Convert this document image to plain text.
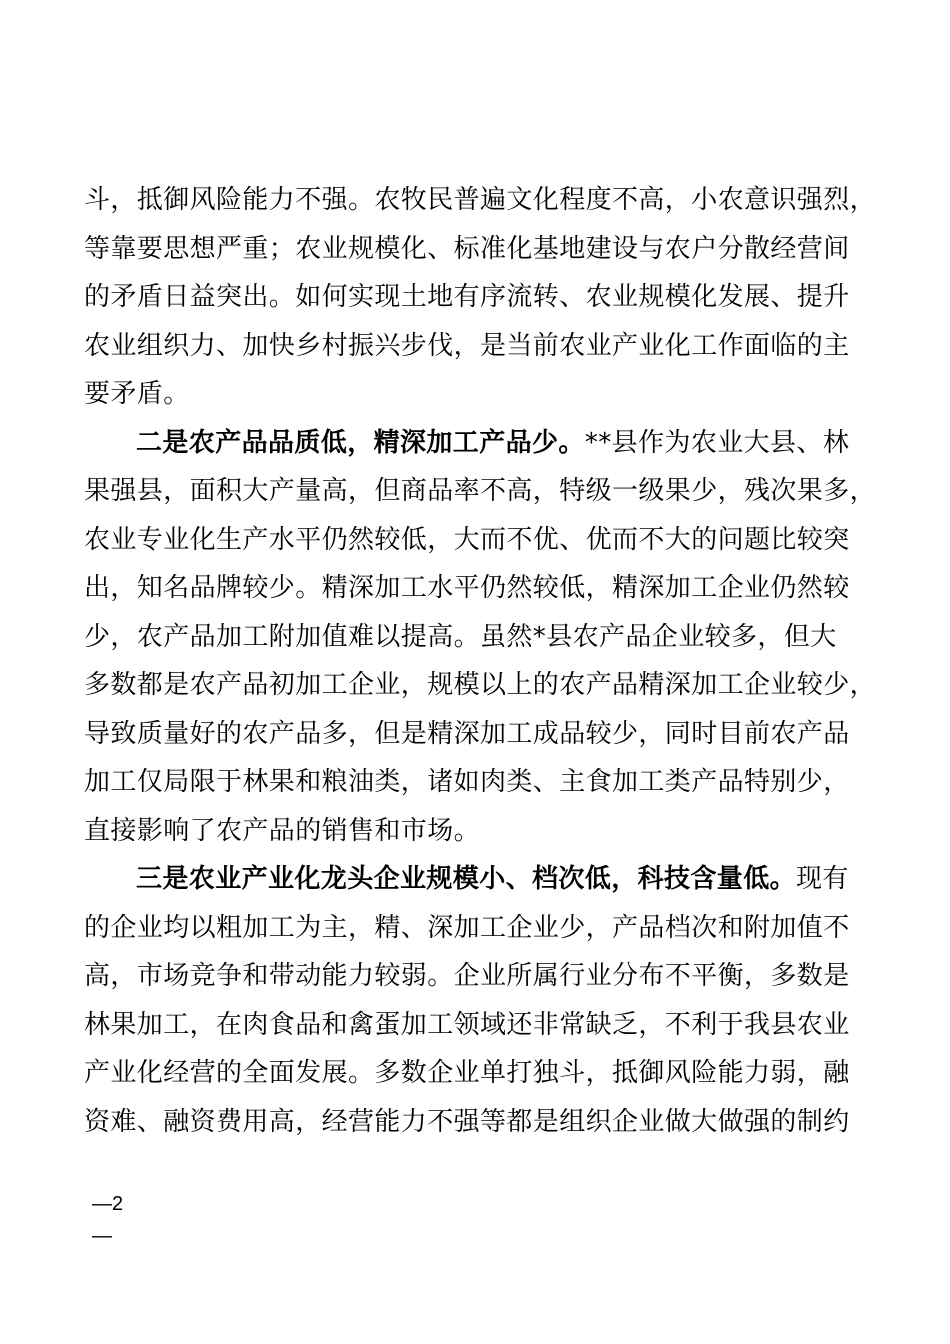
斗，抵御风险能力不强。农牧民普遍文化程度不高，小农意识强烈，
等靠要思想严重；农业规模化、标准化基地建设与农户分散经营间
的矛盾日益突出。如何实现土地有序流转、农业规模化发展、提升
农业组织力、加快乡村振兴步伐，是当前农业产业化工作面临的主
要矛盾。
二是农产品品质低，精深加工产品少。**县作为农业大县、林
果强县，面积大产量高，但商品率不高，特级一级果少，残次果多，
农业专业化生产水平仍然较低，大而不优、优而不大的问题比较突
出，知名品牌较少。精深加工水平仍然较低，精深加工企业仍然较
少，农产品加工附加值难以提高。虽然*县农产品企业较多，但大
多数都是农产品初加工企业，规模以上的农产品精深加工企业较少，
导致质量好的农产品多，但是精深加工成品较少，同时目前农产品
加工仅局限于林果和粮油类，诸如肉类、主食加工类产品特别少，
直接影响了农产品的销售和市场。
三是农业产业化龙头企业规模小、档次低，科技含量低。现有
的企业均以粗加工为主，精、深加工企业少，产品档次和附加值不
高，市场竞争和带动能力较弱。企业所属行业分布不平衡，多数是
林果加工，在肉食品和禽蛋加工领域还非常缺乏，不利于我县农业
产业化经营的全面发展。多数企业单打独斗，抵御风险能力弱，融
资难、融资费用高，经营能力不强等都是组织企业做大做强的制约
—2
—
